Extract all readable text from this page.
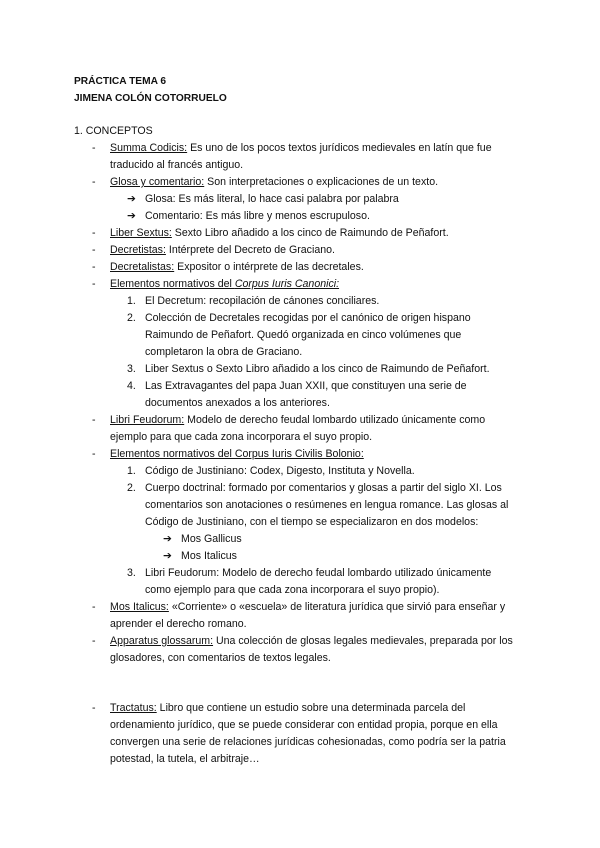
PRÁCTICA TEMA 6
JIMENA COLÓN COTORRUELO
1. CONCEPTOS
- Summa Codicis: Es uno de los pocos textos jurídicos medievales en latín que fue
traducido al francés antiguo.
- Glosa y comentario: Son interpretaciones o explicaciones de un texto.
➔ Glosa: Es más literal, lo hace casi palabra por palabra
➔ Comentario: Es más libre y menos escrupuloso.
- Liber Sextus: Sexto Libro añadido a los cinco de Raimundo de Peñafort.
- Decretistas: Intérprete del Decreto de Graciano.
- Decretalistas: Expositor o intérprete de las decretales.
- Elementos normativos del Corpus Iuris Canonici:
1. El Decretum: recopilación de cánones conciliares.
2. Colección de Decretales recogidas por el canónico de origen hispano
Raimundo de Peñafort. Quedó organizada en cinco volúmenes que
completaron la obra de Graciano.
3. Liber Sextus o Sexto Libro añadido a los cinco de Raimundo de Peñafort.
4. Las Extravagantes del papa Juan XXII, que constituyen una serie de
documentos anexados a los anteriores.
- Libri Feudorum: Modelo de derecho feudal lombardo utilizado únicamente como
ejemplo para que cada zona incorporara el suyo propio.
- Elementos normativos del Corpus Iuris Civilis Bolonio:
1. Código de Justiniano: Codex, Digesto, Instituta y Novella.
2. Cuerpo doctrinal: formado por comentarios y glosas a partir del siglo XI. Los
comentarios son anotaciones o resúmenes en lengua romance. Las glosas al
Código de Justiniano, con el tiempo se especializaron en dos modelos:
➔ Mos Gallicus
➔ Mos Italicus
3. Libri Feudorum: Modelo de derecho feudal lombardo utilizado únicamente
como ejemplo para que cada zona incorporara el suyo propio).
- Mos Italicus: «Corriente» o «escuela» de literatura jurídica que sirvió para enseñar y
aprender el derecho romano.
- Apparatus glossarum: Una colección de glosas legales medievales, preparada por los
glosadores, con comentarios de textos legales.
- Tractatus: Libro que contiene un estudio sobre una determinada parcela del
ordenamiento jurídico, que se puede considerar con entidad propia, porque en ella
convergen una serie de relaciones jurídicas cohesionadas, como podría ser la patria
potestad, la tutela, el arbitraje…
